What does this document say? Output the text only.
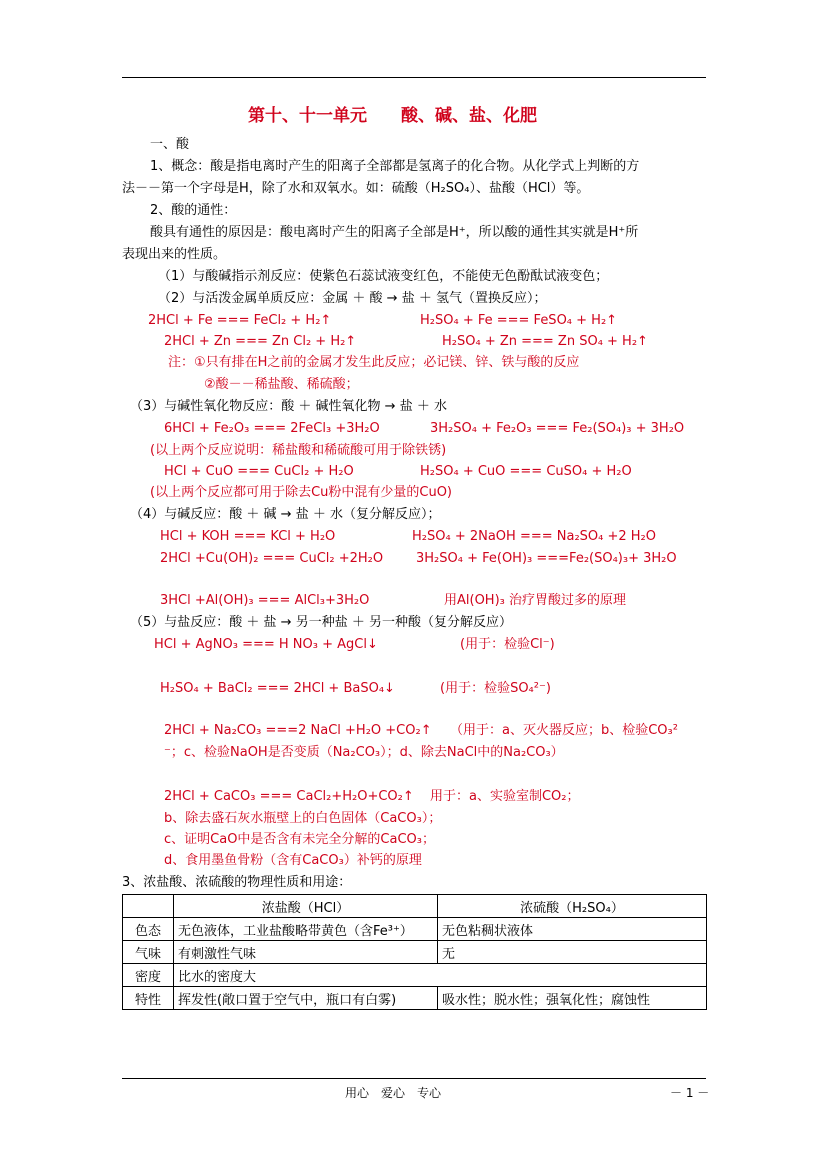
第十、十一单元　　酸、碱、盐、化肥
一、酸
1、概念：酸是指电离时产生的阳离子全部都是氢离子的化合物。从化学式上判断的方
法－－第一个字母是H，除了水和双氧水。如：硫酸（H₂SO₄）、盐酸（HCl）等。
2、酸的通性：
酸具有通性的原因是：酸电离时产生的阳离子全部是H⁺，所以酸的通性其实就是H⁺所
表现出来的性质。
（1）与酸碱指示剂反应：使紫色石蕊试液变红色，不能使无色酚酞试液变色；
（2）与活泼金属单质反应：金属 ＋ 酸 → 盐 ＋ 氢气（置换反应）；
2HCl + Fe === FeCl₂ + H₂↑	H₂SO₄ + Fe === FeSO₄ + H₂↑
2HCl + Zn === Zn Cl₂ + H₂↑	H₂SO₄ + Zn === Zn SO₄ + H₂↑
注：①只有排在H之前的金属才发生此反应；必记镁、锌、铁与酸的反应
②酸－－稀盐酸、稀硫酸；
（3）与碱性氧化物反应：酸 ＋ 碱性氧化物 → 盐 ＋ 水
6HCl + Fe₂O₃ === 2FeCl₃ +3H₂O	3H₂SO₄ + Fe₂O₃ === Fe₂(SO₄)₃ + 3H₂O
(以上两个反应说明：稀盐酸和稀硫酸可用于除铁锈)
HCl + CuO === CuCl₂ + H₂O	H₂SO₄ + CuO === CuSO₄ + H₂O
(以上两个反应都可用于除去Cu粉中混有少量的CuO)
（4）与碱反应：酸 ＋ 碱 → 盐 ＋ 水（复分解反应）；
HCl + KOH === KCl + H₂O	H₂SO₄ + 2NaOH === Na₂SO₄ +2 H₂O
2HCl +Cu(OH)₂ === CuCl₂ +2H₂O	3H₂SO₄ + Fe(OH)₃ ===Fe₂(SO₄)₃+ 3H₂O
3HCl +Al(OH)₃ === AlCl₃+3H₂O	用Al(OH)₃ 治疗胃酸过多的原理
（5）与盐反应：酸 ＋ 盐 → 另一种盐 ＋ 另一种酸（复分解反应）
HCl + AgNO₃ === H NO₃ + AgCl↓	(用于：检验Cl⁻)
H₂SO₄ + BaCl₂ === 2HCl + BaSO₄↓	(用于：检验SO₄²⁻)
2HCl + Na₂CO₃ ===2 NaCl +H₂O +CO₂↑ （用于：a、灭火器反应；b、检验CO₃²
⁻；c、检验NaOH是否变质（Na₂CO₃）；d、除去NaCl中的Na₂CO₃）
2HCl + CaCO₃ === CaCl₂+H₂O+CO₂↑ 用于：a、实验室制CO₂；
b、除去盛石灰水瓶壁上的白色固体（CaCO₃）；
c、证明CaO中是否含有未完全分解的CaCO₃；
d、食用墨鱼骨粉（含有CaCO₃）补钙的原理
3、浓盐酸、浓硫酸的物理性质和用途：
	浓盐酸（HCl）	浓硫酸（H₂SO₄）
色态	无色液体，工业盐酸略带黄色（含Fe³⁺）	无色粘稠状液体
气味	有刺激性气味	无
密度	比水的密度大	
特性	挥发性(敞口置于空气中，瓶口有白雾)	吸水性；脱水性；强氧化性；腐蚀性
用心　爱心　专心	－ 1 －
